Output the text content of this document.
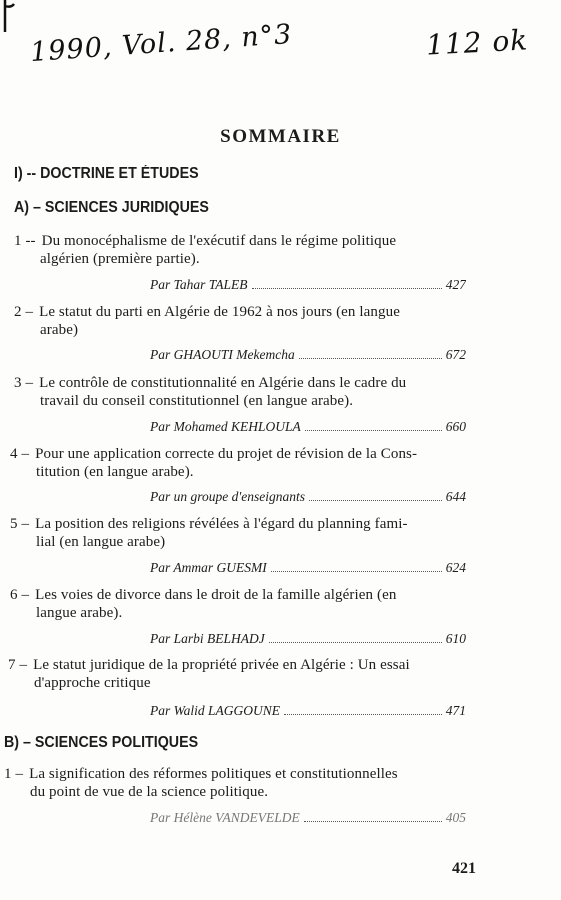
1990, Vol. 28, n°3	112 ok
SOMMAIRE
I) -- DOCTRINE ET ÉTUDES
A) – SCIENCES JURIDIQUES
1 -- Du monocéphalisme de l'exécutif dans le régime politique
algérien (première partie).
Par Tahar TALEB	427
2 – Le statut du parti en Algérie de 1962 à nos jours (en langue
arabe)
Par GHAOUTI Mekemcha	672
3 – Le contrôle de constitutionnalité en Algérie dans le cadre du
travail du conseil constitutionnel (en langue arabe).
Par Mohamed KEHLOULA	660
4 – Pour une application correcte du projet de révision de la Cons-
titution (en langue arabe).
Par un groupe d'enseignants	644
5 – La position des religions révélées à l'égard du planning fami-
lial (en langue arabe)
Par Ammar GUESMI	624
6 – Les voies de divorce dans le droit de la famille algérien (en
langue arabe).
Par Larbi BELHADJ	610
7 – Le statut juridique de la propriété privée en Algérie : Un essai
d'approche critique
Par Walid LAGGOUNE	471
B) – SCIENCES POLITIQUES
1 – La signification des réformes politiques et constitutionnelles
du point de vue de la science politique.
Par Hélène VANDEVELDE	405
421
